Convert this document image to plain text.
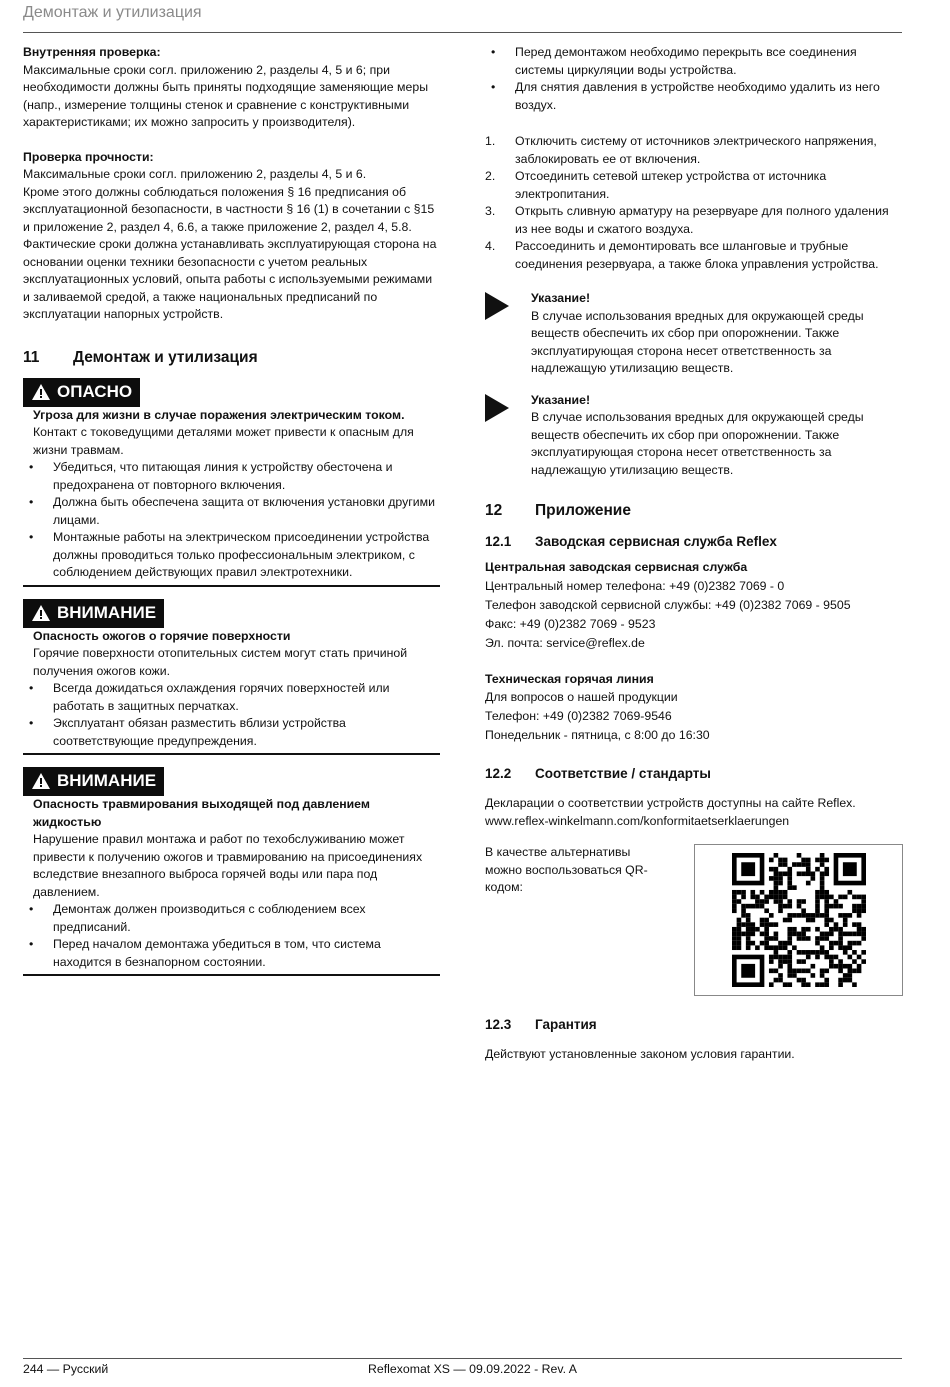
Демонтаж и утилизация

Внутренняя проверка:

Максимальные сроки согл. приложению 2, разделы 4, 5 и 6; при необходимости должны быть приняты подходящие заменяющие меры (напр., измерение толщины стенок и сравнение с конструктивными характеристиками; их можно запросить у производителя).

Проверка прочности:

Максимальные сроки согл. приложению 2, разделы 4, 5 и 6.

Кроме этого должны соблюдаться положения § 16 предписания об эксплуатационной безопасности, в частности § 16 (1) в сочетании с §15 и приложение 2, раздел 4, 6.6, а также приложение 2, раздел 4, 5.8.

Фактические сроки должна устанавливать эксплуатирующая сторона на основании оценки техники безопасности с учетом реальных эксплуатационных условий, опыта работы с используемыми режимами и заливаемой средой, а также национальных предписаний по эксплуатации напорных устройств.

11	Демонтаж и утилизация
ОПАСНО

Угроза для жизни в случае поражения электрическим током.

Контакт с токоведущими деталями может привести к опасным для жизни травмам.

• Убедиться, что питающая линия к устройству обесточена и предохранена от повторного включения.
• Должна быть обеспечена защита от включения установки другими лицами.
• Монтажные работы на электрическом присоединении устройства должны проводиться только профессиональным электриком, с соблюдением действующих правил электротехники.
ВНИМАНИЕ

Опасность ожогов о горячие поверхности

Горячие поверхности отопительных систем могут стать причиной получения ожогов кожи.

• Всегда дожидаться охлаждения горячих поверхностей или работать в защитных перчатках.
• Эксплуатант обязан разместить вблизи устройства соответствующие предупреждения.
ВНИМАНИЕ

Опасность травмирования выходящей под давлением жидкостью

Нарушение правил монтажа и работ по техобслуживанию может привести к получению ожогов и травмированию на присоединениях вследствие внезапного выброса горячей воды или пара под давлением.

• Демонтаж должен производиться с соблюдением всех предписаний.
• Перед началом демонтажа убедиться в том, что система находится в безнапорном состоянии.
• Перед демонтажом необходимо перекрыть все соединения системы циркуляции воды устройства.
• Для снятия давления в устройстве необходимо удалить из него воздух.
1.	Отключить систему от источников электрического напряжения, заблокировать ее от включения.
2.	Отсоединить сетевой штекер устройства от источника электропитания.
3.	Открыть сливную арматуру на резервуаре для полного удаления из нее воды и сжатого воздуха.
4.	Рассоединить и демонтировать все шланговые и трубные соединения резервуара, а также блока управления устройства.

Указание!

В случае использования вредных для окружающей среды веществ обеспечить их сбор при опорожнении. Также эксплуатирующая сторона несет ответственность за надлежащую утилизацию веществ.

Указание!

В случае использования вредных для окружающей среды веществ обеспечить их сбор при опорожнении. Также эксплуатирующая сторона несет ответственность за надлежащую утилизацию веществ.

12	Приложение
12.1	Заводская сервисная служба Reflex

Центральная заводская сервисная служба

Центральный номер телефона: +49 (0)2382 7069 - 0

Телефон заводской сервисной службы: +49 (0)2382 7069 - 9505

Факс: +49 (0)2382 7069 - 9523

Эл. почта: service@reflex.de

Техническая горячая линия

Для вопросов о нашей продукции

Телефон: +49 (0)2382 7069-9546

Понедельник - пятница, с 8:00 до 16:30

12.2	Соответствие / стандарты

Декларации о соответствии устройств доступны на сайте Reflex.

www.reflex-winkelmann.com/konformitaetserklaerungen

В качестве альтернативы можно воспользоваться QR-кодом:

12.3	Гарантия

Действуют установленные законом условия гарантии.

244 — Русский	Reflexomat XS — 09.09.2022 - Rev. A
